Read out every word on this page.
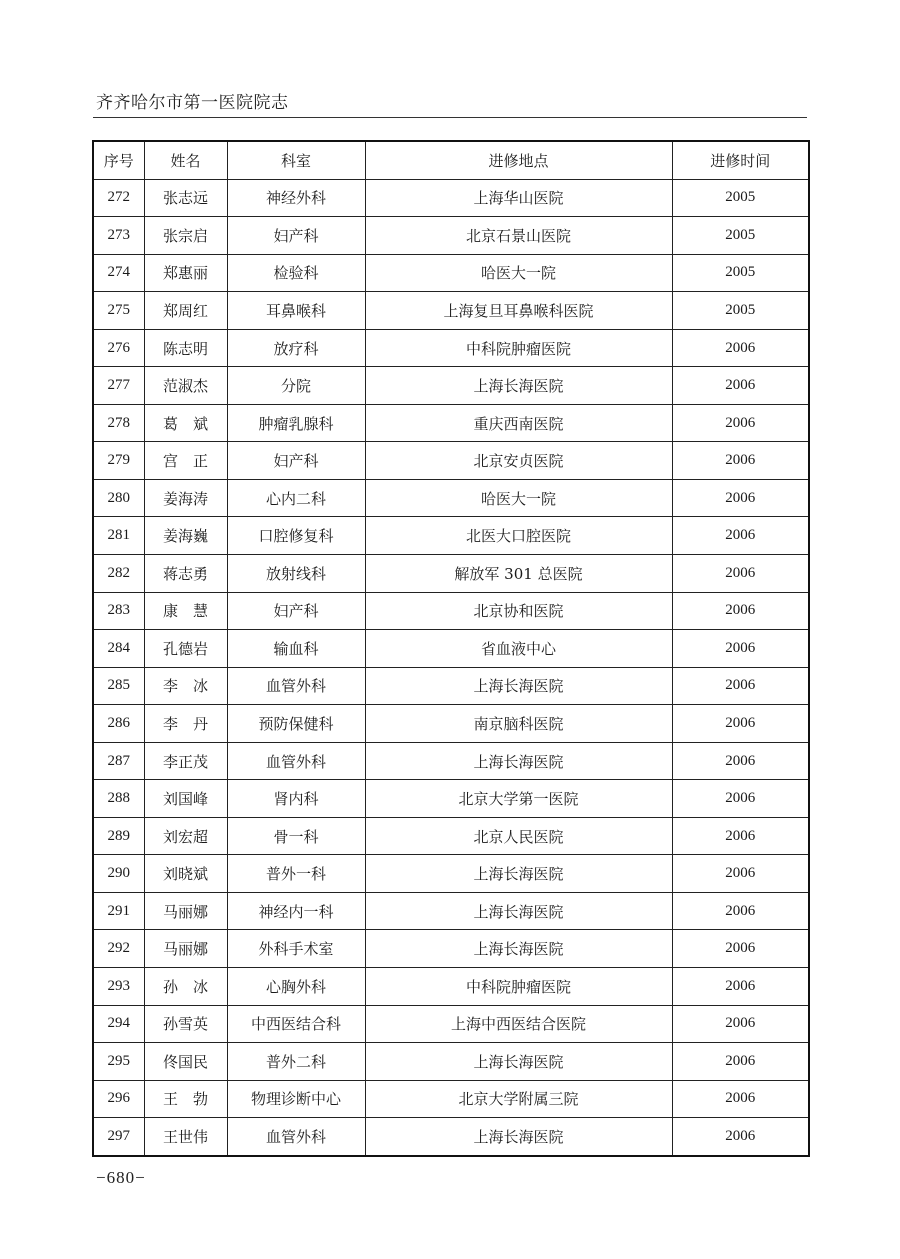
齐齐哈尔市第一医院院志
序号	姓名	科室	进修地点	进修时间
272	张志远	神经外科	上海华山医院	2005
273	张宗启	妇产科	北京石景山医院	2005
274	郑惠丽	检验科	哈医大一院	2005
275	郑周红	耳鼻喉科	上海复旦耳鼻喉科医院	2005
276	陈志明	放疗科	中科院肿瘤医院	2006
277	范淑杰	分院	上海长海医院	2006
278	葛　斌	肿瘤乳腺科	重庆西南医院	2006
279	宫　正	妇产科	北京安贞医院	2006
280	姜海涛	心内二科	哈医大一院	2006
281	姜海巍	口腔修复科	北医大口腔医院	2006
282	蒋志勇	放射线科	解放军 301 总医院	2006
283	康　慧	妇产科	北京协和医院	2006
284	孔德岩	输血科	省血液中心	2006
285	李　冰	血管外科	上海长海医院	2006
286	李　丹	预防保健科	南京脑科医院	2006
287	李正茂	血管外科	上海长海医院	2006
288	刘国峰	肾内科	北京大学第一医院	2006
289	刘宏超	骨一科	北京人民医院	2006
290	刘晓斌	普外一科	上海长海医院	2006
291	马丽娜	神经内一科	上海长海医院	2006
292	马丽娜	外科手术室	上海长海医院	2006
293	孙　冰	心胸外科	中科院肿瘤医院	2006
294	孙雪英	中西医结合科	上海中西医结合医院	2006
295	佟国民	普外二科	上海长海医院	2006
296	王　勃	物理诊断中心	北京大学附属三院	2006
297	王世伟	血管外科	上海长海医院	2006
−680−
